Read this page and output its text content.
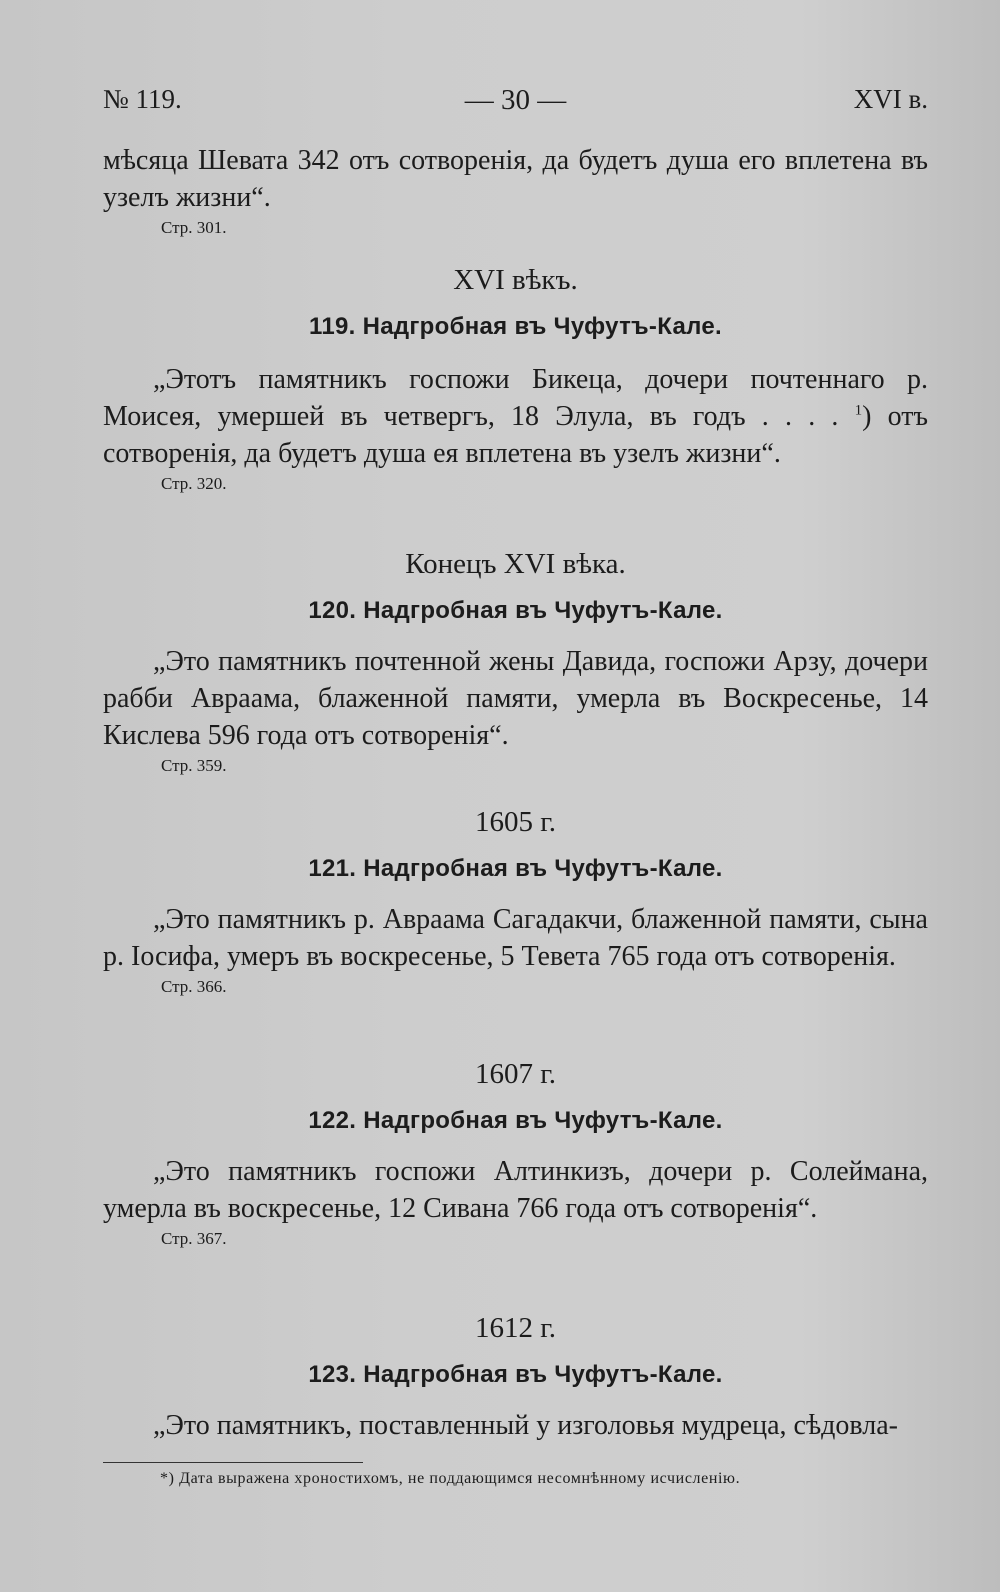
№ 119.	— 30 —	XVI в.

мѣсяца Шевата 342 отъ сотворенія, да будетъ душа его вплетена въ узелъ жизни“.

Стр. 301.
XVI вѣкъ.
119. Надгробная въ Чуфутъ-Кале.

„Этотъ памятникъ госпожи Бикеца, дочери почтеннаго р. Моисея, умершей въ четвергъ, 18 Элула, въ годъ . . . . $^1$) отъ сотворенія, да будетъ душа ея вплетена въ узелъ жизни“.

Стр. 320.
Конецъ XVI вѣка.
120. Надгробная въ Чуфутъ-Кале.

„Это памятникъ почтенной жены Давида, госпожи Арзу, дочери рабби Авраама, блаженной памяти, умерла въ Воскресенье, 14 Кислева 596 года отъ сотворенія“.

Стр. 359.
1605 г.
121. Надгробная въ Чуфутъ-Кале.

„Это памятникъ р. Авраама Сагадакчи, блаженной памяти, сына р. Іосифа, умеръ въ воскресенье, 5 Тевета 765 года отъ сотворенія.

Стр. 366.
1607 г.
122. Надгробная въ Чуфутъ-Кале.

„Это памятникъ госпожи Алтинкизъ, дочери р. Солеймана, умерла въ воскресенье, 12 Сивана 766 года отъ сотворенія“.

Стр. 367.
1612 г.
123. Надгробная въ Чуфутъ-Кале.

„Это памятникъ, поставленный у изголовья мудреца, сѣдовла-

*) Дата выражена хроностихомъ, не поддающимся несомнѣнному исчисленію.
